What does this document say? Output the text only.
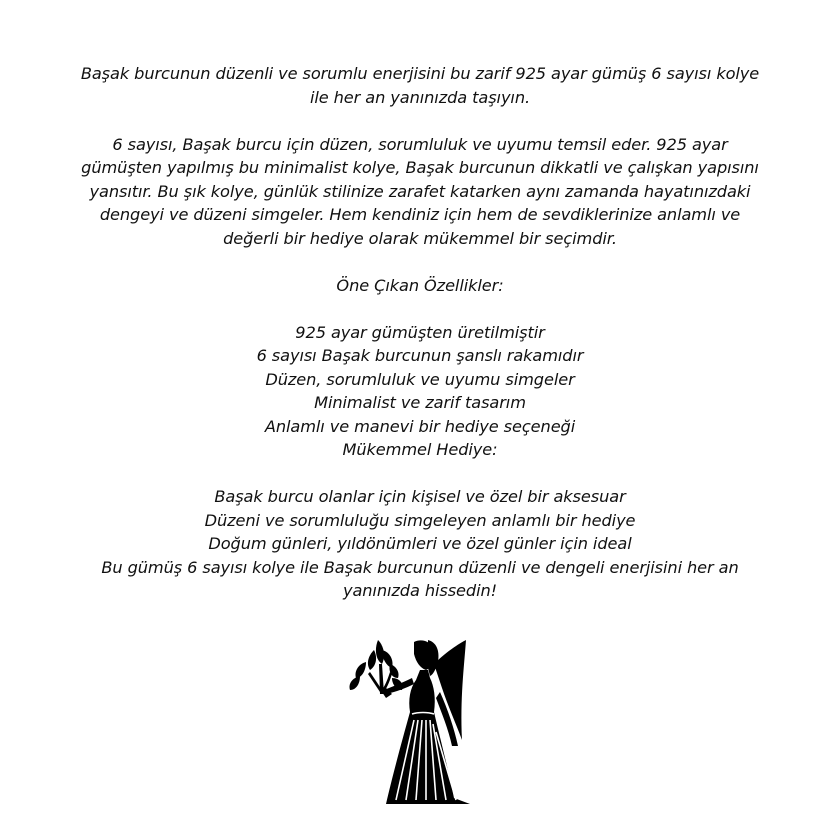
Başak burcunun düzenli ve sorumlu enerjisini bu zarif 925 ayar gümüş 6 sayısı kolye ile her an yanınızda taşıyın.

6 sayısı, Başak burcu için düzen, sorumluluk ve uyumu temsil eder. 925 ayar gümüşten yapılmış bu minimalist kolye, Başak burcunun dikkatli ve çalışkan yapısını yansıtır. Bu şık kolye, günlük stilinize zarafet katarken aynı zamanda hayatınızdaki dengeyi ve düzeni simgeler. Hem kendiniz için hem de sevdiklerinize anlamlı ve değerli bir hediye olarak mükemmel bir seçimdir.

Öne Çıkan Özellikler:

925 ayar gümüşten üretilmiştir

6 sayısı Başak burcunun şanslı rakamıdır

Düzen, sorumluluk ve uyumu simgeler

Minimalist ve zarif tasarım

Anlamlı ve manevi bir hediye seçeneği

Mükemmel Hediye:

Başak burcu olanlar için kişisel ve özel bir aksesuar

Düzeni ve sorumluluğu simgeleyen anlamlı bir hediye

Doğum günleri, yıldönümleri ve özel günler için ideal

Bu gümüş 6 sayısı kolye ile Başak burcunun düzenli ve dengeli enerjisini her an yanınızda hissedin!
